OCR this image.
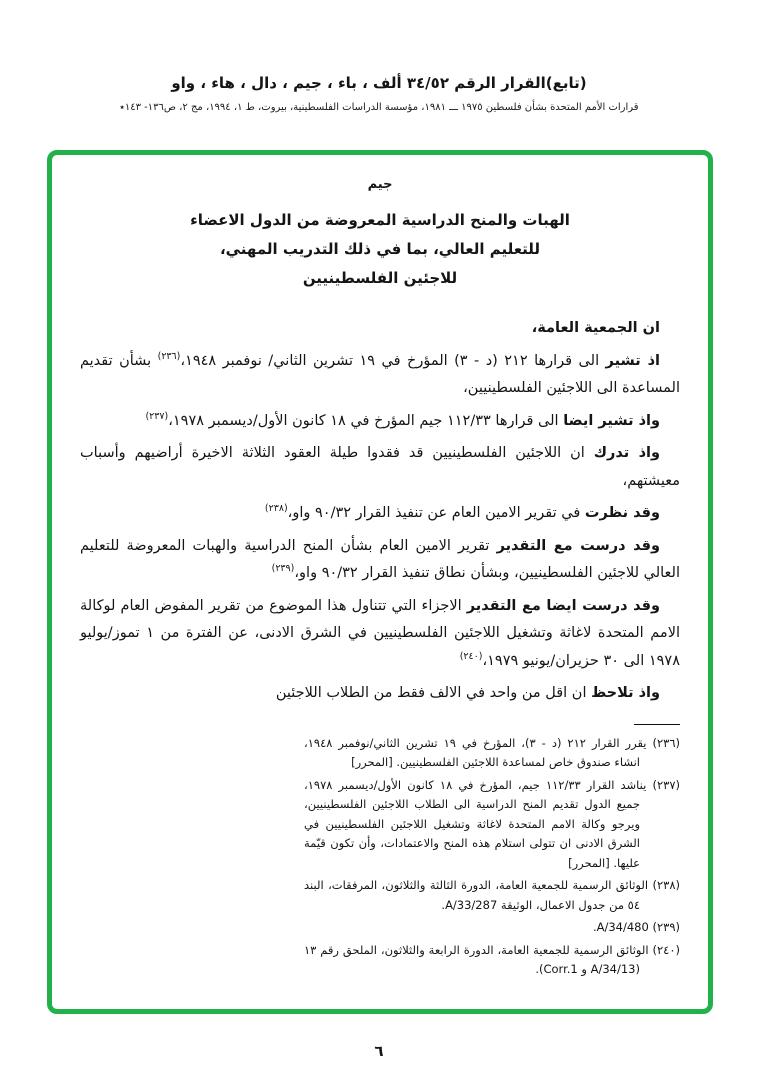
(تابع)القرار الرقم ٣٤/٥٢ ألف ، باء ، جيم ، دال ، هاء ، واو
قرارات الأمم المتحدة بشأن فلسطين ١٩٧٥ ـــ ١٩٨١، مؤسسة الدراسات الفلسطينية، بيروت، ط ١، ١٩٩٤، مج ٢، ص١٣٦- ١٤٣٭
جيم
الهبات والمنح الدراسية المعروضة من الدول الاعضاء
للتعليم العالي، بما في ذلك التدريب المهني،
للاجئين الفلسطينيين

ان الجمعية العامة،

اذ تشير الى قرارها ٢١٢ (د - ٣) المؤرخ في ١٩ تشرين الثاني/ نوفمبر ١٩٤٨،$^{(٢٣٦)}$ بشأن تقديم المساعدة الى اللاجئين الفلسطينيين،

واذ تشير ايضا الى قرارها ١١٢/٣٣ جيم المؤرخ في ١٨ كانون الأول/ديسمبر ١٩٧٨،$^{(٢٣٧)}$

واذ تدرك ان اللاجئين الفلسطينيين قد فقدوا طيلة العقود الثلاثة الاخيرة أراضيهم وأسباب معيشتهم،

وقد نظرت في تقرير الامين العام عن تنفيذ القرار ٩٠/٣٢ واو،$^{(٢٣٨)}$

وقد درست مع التقدير تقرير الامين العام بشأن المنح الدراسية والهبات المعروضة للتعليم العالي للاجئين الفلسطينيين، وبشأن نطاق تنفيذ القرار ٩٠/٣٢ واو،$^{(٢٣٩)}$

وقد درست ايضا مع التقدير الاجزاء التي تتناول هذا الموضوع من تقرير المفوض العام لوكالة الامم المتحدة لاغاثة وتشغيل اللاجئين الفلسطينيين في الشرق الادنى، عن الفترة من ١ تموز/يوليو ١٩٧٨ الى ٣٠ حزيران/يونيو ١٩٧٩،$^{(٢٤٠)}$

واذ تلاحظ ان اقل من واحد في الالف فقط من الطلاب اللاجئين

(٢٣٦) يقرر القرار ٢١٢ (د - ٣)، المؤرخ في ١٩ تشرين الثاني/نوفمبر ١٩٤٨، انشاء صندوق خاص لمساعدة اللاجئين الفلسطينيين. [المحرر]

(٢٣٧) يناشد القرار ١١٢/٣٣ جيم، المؤرخ في ١٨ كانون الأول/ديسمبر ١٩٧٨، جميع الدول تقديم المنح الدراسية الى الطلاب اللاجئين الفلسطينيين، ويرجو وكالة الامم المتحدة لاغاثة وتشغيل اللاجئين الفلسطينيين في الشرق الادنى ان تتولى استلام هذه المنح والاعتمادات، وأن تكون قيّمة عليها. [المحرر]

(٢٣٨) الوثائق الرسمية للجمعية العامة، الدورة الثالثة والثلاثون، المرفقات، البند ٥٤ من جدول الاعمال، الوثيقة A/33/287.

(٢٣٩) A/34/480.

(٢٤٠) الوثائق الرسمية للجمعية العامة، الدورة الرابعة والثلاثون، الملحق رقم ١٣ (A/34/13 و Corr.1).

٦
